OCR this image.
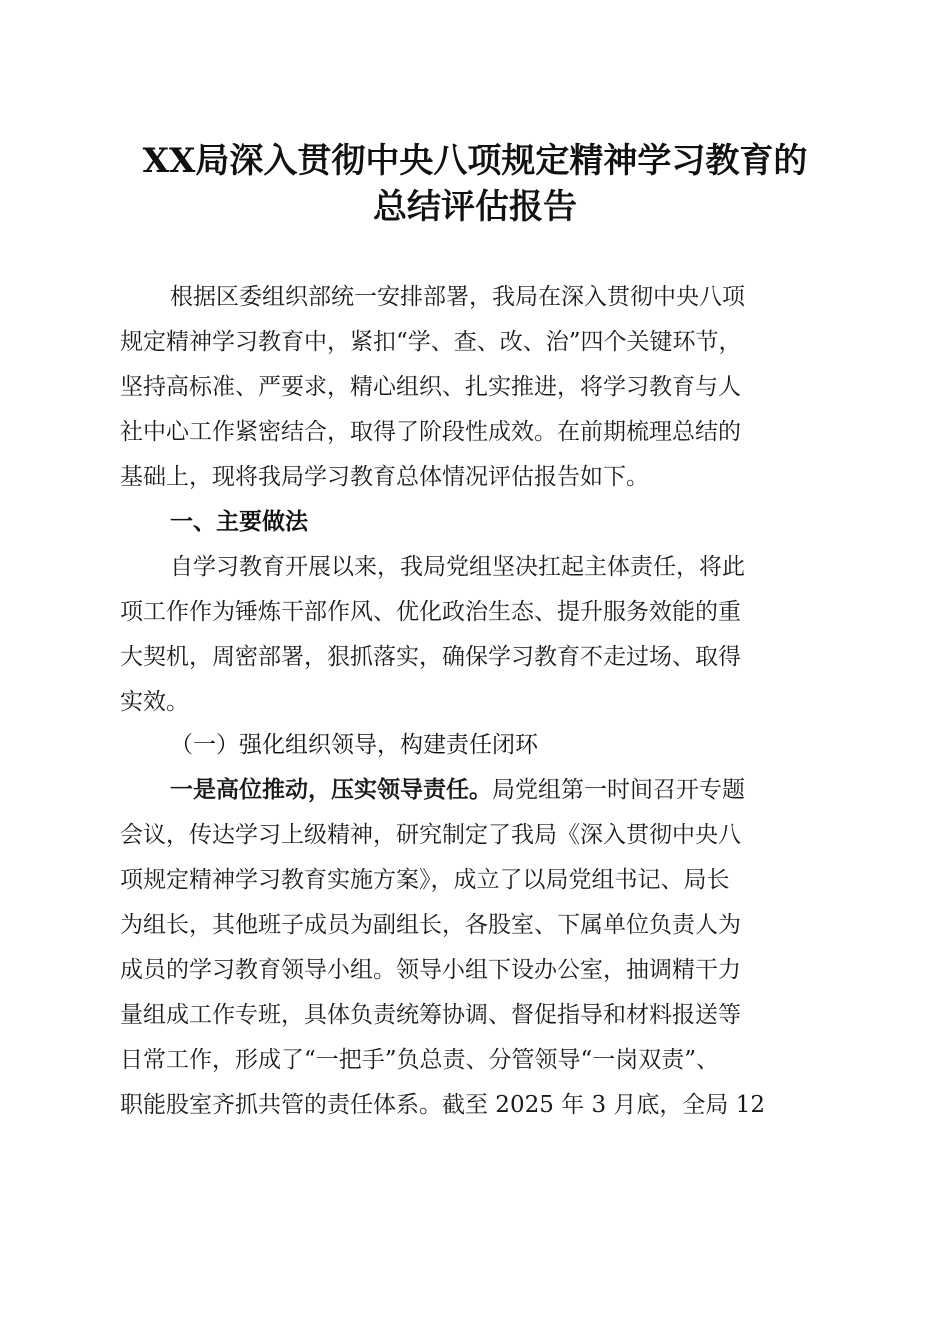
XX局深入贯彻中央八项规定精神学习教育的
总结评估报告
根据区委组织部统一安排部署，我局在深入贯彻中央八项
规定精神学习教育中，紧扣“学、查、改、治”四个关键环节，
坚持高标准、严要求，精心组织、扎实推进，将学习教育与人
社中心工作紧密结合，取得了阶段性成效。在前期梳理总结的
基础上，现将我局学习教育总体情况评估报告如下。
一、主要做法
自学习教育开展以来，我局党组坚决扛起主体责任，将此
项工作作为锤炼干部作风、优化政治生态、提升服务效能的重
大契机，周密部署，狠抓落实，确保学习教育不走过场、取得
实效。
（一）强化组织领导，构建责任闭环
一是高位推动，压实领导责任。局党组第一时间召开专题
会议，传达学习上级精神，研究制定了我局《深入贯彻中央八
项规定精神学习教育实施方案》，成立了以局党组书记、局长
为组长，其他班子成员为副组长，各股室、下属单位负责人为
成员的学习教育领导小组。领导小组下设办公室，抽调精干力
量组成工作专班，具体负责统筹协调、督促指导和材料报送等
日常工作，形成了“一把手”负总责、分管领导“一岗双责”、
职能股室齐抓共管的责任体系。截至 2025 年 3 月底，全局 12
